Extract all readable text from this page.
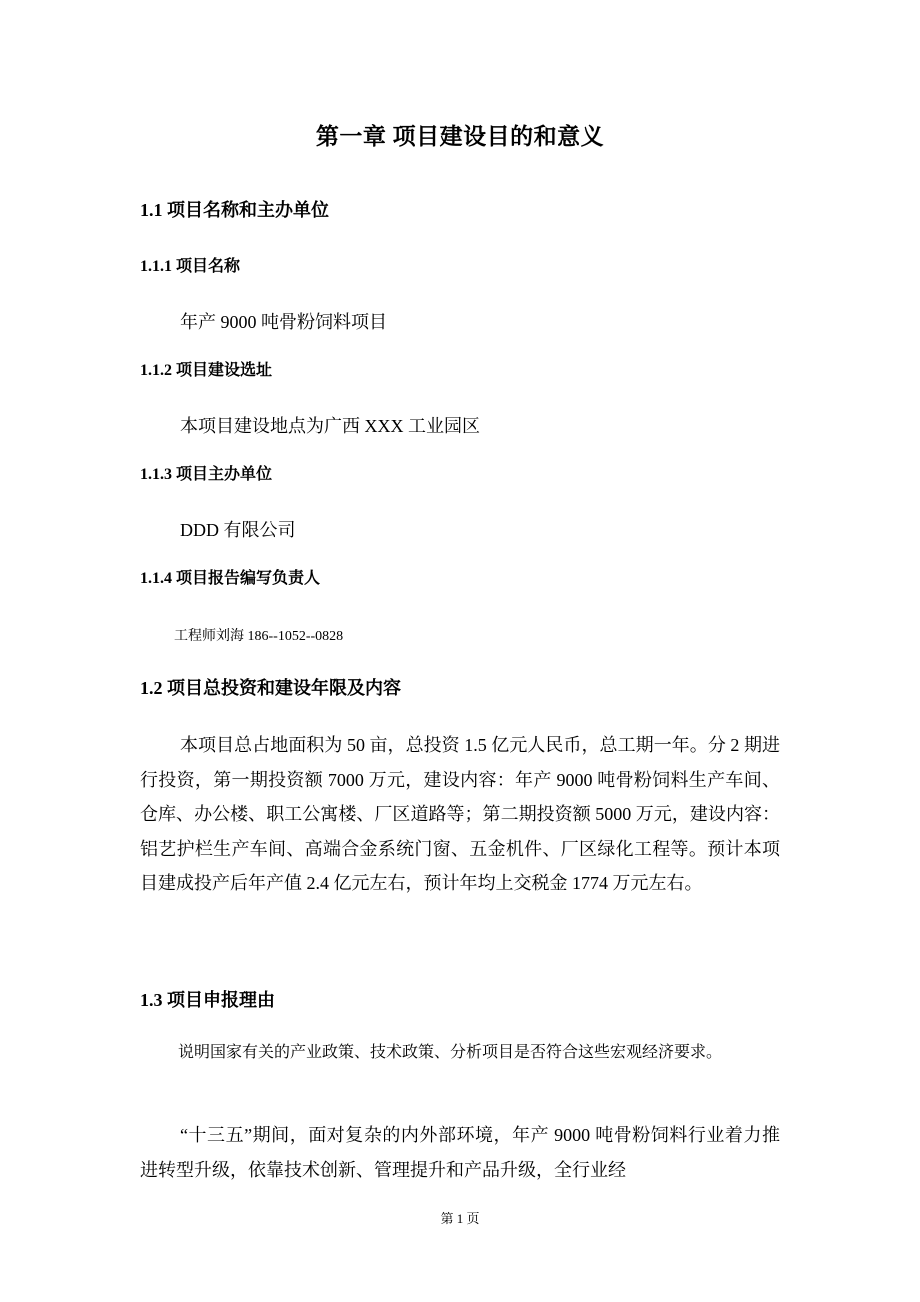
第一章 项目建设目的和意义
1.1 项目名称和主办单位
1.1.1 项目名称

年产 9000 吨骨粉饲料项目

1.1.2 项目建设选址

本项目建设地点为广西 XXX 工业园区

1.1.3 项目主办单位

DDD 有限公司

1.1.4 项目报告编写负责人

工程师刘海 186--1052--0828

1.2 项目总投资和建设年限及内容

本项目总占地面积为 50 亩，总投资 1.5 亿元人民币，总工期一年。分 2 期进行投资，第一期投资额 7000 万元，建设内容：年产 9000 吨骨粉饲料生产车间、仓库、办公楼、职工公寓楼、厂区道路等；第二期投资额 5000 万元，建设内容：铝艺护栏生产车间、高端合金系统门窗、五金机件、厂区绿化工程等。预计本项目建成投产后年产值 2.4 亿元左右，预计年均上交税金 1774 万元左右。

1.3 项目申报理由

说明国家有关的产业政策、技术政策、分析项目是否符合这些宏观经济要求。

“十三五”期间，面对复杂的内外部环境，年产 9000 吨骨粉饲料行业着力推进转型升级，依靠技术创新、管理提升和产品升级，全行业经

第 1 页
